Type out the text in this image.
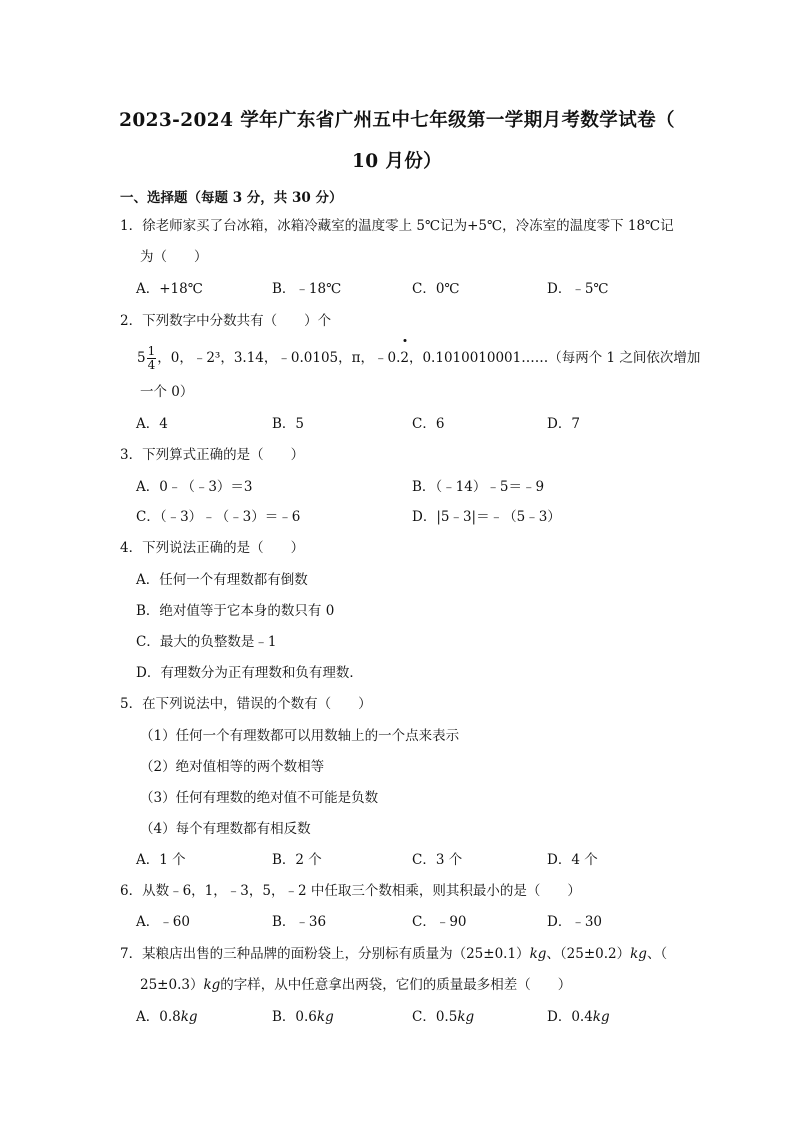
2023-2024 学年广东省广州五中七年级第一学期月考数学试卷（
10 月份）
一、选择题（每题 3 分，共 30 分）
1．徐老师家买了台冰箱，冰箱冷藏室的温度零上 5℃记为+5℃，冷冻室的温度零下 18℃记
为（　　）
A．+18℃	B．﹣18℃	C．0℃	D．﹣5℃
2．下列数字中分数共有（　　）个
$5 \frac{1}{4}$ ，0，﹣2³，3.14，﹣0.0105，π，﹣0.2，0.1010010001……（每两个 1 之间依次增加
一个 0）
A．4	B．5	C．6	D．7
3．下列算式正确的是（　　）
A．0﹣（﹣3）＝3	B．（﹣14）﹣5＝﹣9
C．（﹣3）﹣（﹣3）＝﹣6	D．|5﹣3|＝﹣（5﹣3）
4．下列说法正确的是（　　）
A．任何一个有理数都有倒数
B．绝对值等于它本身的数只有 0
C．最大的负整数是﹣1
D．有理数分为正有理数和负有理数．
5．在下列说法中，错误的个数有（　　）
（1）任何一个有理数都可以用数轴上的一个点来表示
（2）绝对值相等的两个数相等
（3）任何有理数的绝对值不可能是负数
（4）每个有理数都有相反数
A．1 个	B．2 个	C．3 个	D．4 个
6．从数﹣6，1，﹣3，5，﹣2 中任取三个数相乘，则其积最小的是（　　）
A．﹣60	B．﹣36	C．﹣90	D．﹣30
7．某粮店出售的三种品牌的面粉袋上，分别标有质量为（25±0.1）kg、（25±0.2）kg、（
25±0.3）kg的字样，从中任意拿出两袋，它们的质量最多相差（　　）
A．0.8kg	B．0.6kg	C．0.5kg	D．0.4kg
